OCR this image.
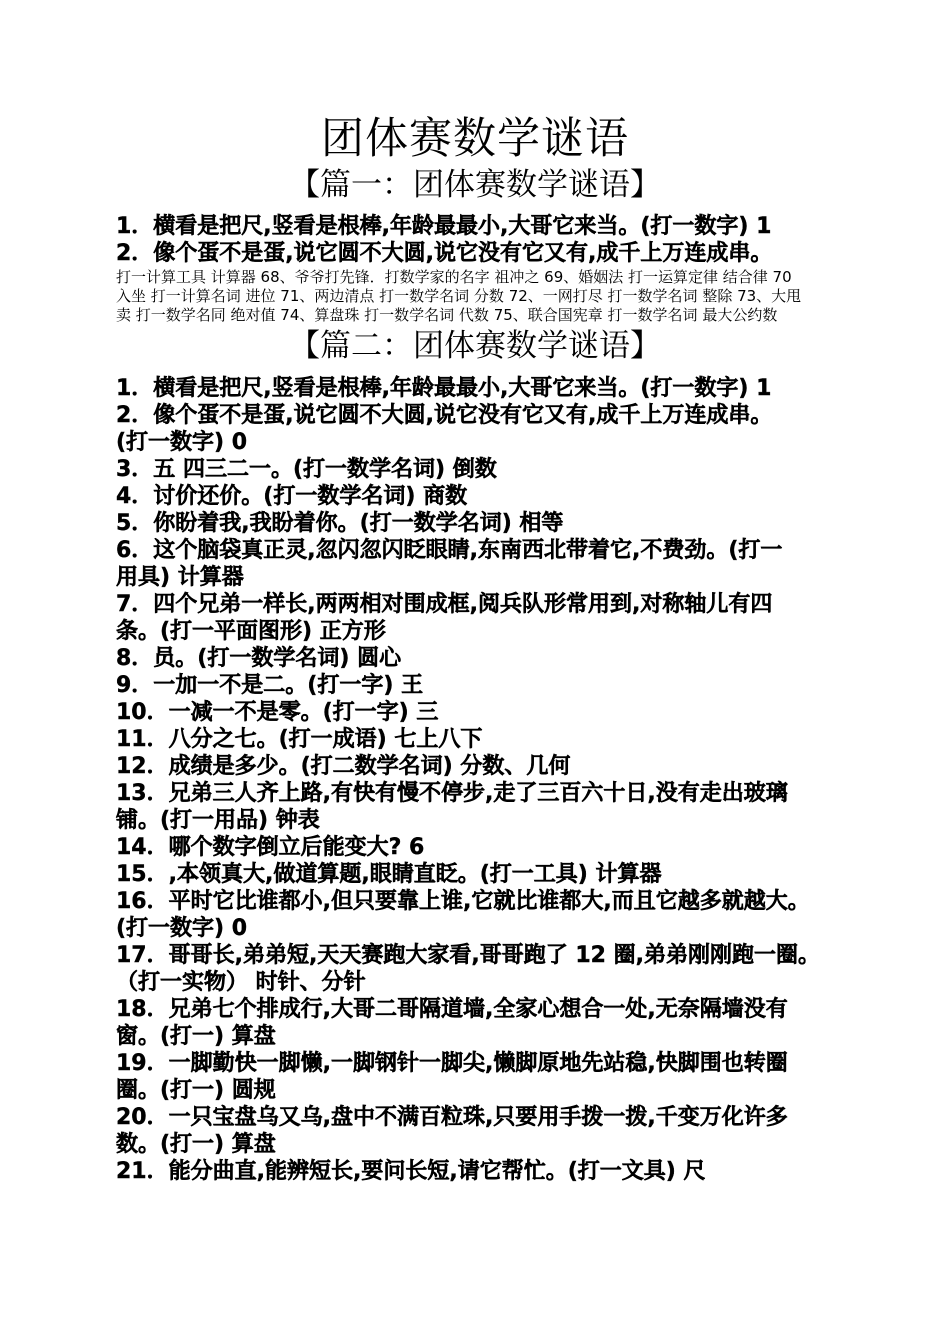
团体赛数学谜语
【篇一：团体赛数学谜语】

1．横看是把尺,竖看是根棒,年龄最最小,大哥它来当。(打一数字) 1

2．像个蛋不是蛋,说它圆不大圆,说它没有它又有,成千上万连成串。

打一计算工具 计算器 68、爷爷打先锋．打数学家的名字 祖冲之 69、婚姻法 打一运算定律 结合律 70
入坐 打一计算名词 进位 71、两边清点 打一数学名词 分数 72、一网打尽 打一数学名词 整除 73、大甩
卖 打一数学名同 绝对值 74、算盘珠 打一数学名词 代数 75、联合国宪章 打一数学名词 最大公约数
【篇二：团体赛数学谜语】

1．横看是把尺,竖看是根棒,年龄最最小,大哥它来当。(打一数字) 1

2．像个蛋不是蛋,说它圆不大圆,说它没有它又有,成千上万连成串。

(打一数字) 0

3．五 四三二一。(打一数学名词) 倒数

4．讨价还价。(打一数学名词) 商数

5．你盼着我,我盼着你。(打一数学名词) 相等

6．这个脑袋真正灵,忽闪忽闪眨眼睛,东南西北带着它,不费劲。(打一

用具) 计算器

7．四个兄弟一样长,两两相对围成框,阅兵队形常用到,对称轴儿有四

条。(打一平面图形) 正方形

8．员。(打一数学名词) 圆心

9．一加一不是二。(打一字) 王

10．一减一不是零。(打一字) 三

11．八分之七。(打一成语) 七上八下

12．成绩是多少。(打二数学名词) 分数、几何

13．兄弟三人齐上路,有快有慢不停步,走了三百六十日,没有走出玻璃

铺。(打一用品) 钟表

14．哪个数字倒立后能变大? 6

15．,本领真大,做道算题,眼睛直眨。(打一工具) 计算器

16．平时它比谁都小,但只要靠上谁,它就比谁都大,而且它越多就越大。

(打一数字) 0

17．哥哥长,弟弟短,天天赛跑大家看,哥哥跑了 12 圈,弟弟刚刚跑一圈。

（打一实物） 时针、分针

18．兄弟七个排成行,大哥二哥隔道墙,全家心想合一处,无奈隔墙没有

窗。(打一) 算盘

19．一脚勤快一脚懒,一脚钢针一脚尖,懒脚原地先站稳,快脚围也转圈

圈。(打一) 圆规

20．一只宝盘乌又乌,盘中不满百粒珠,只要用手拨一拨,千变万化许多

数。(打一) 算盘

21．能分曲直,能辨短长,要问长短,请它帮忙。(打一文具) 尺
